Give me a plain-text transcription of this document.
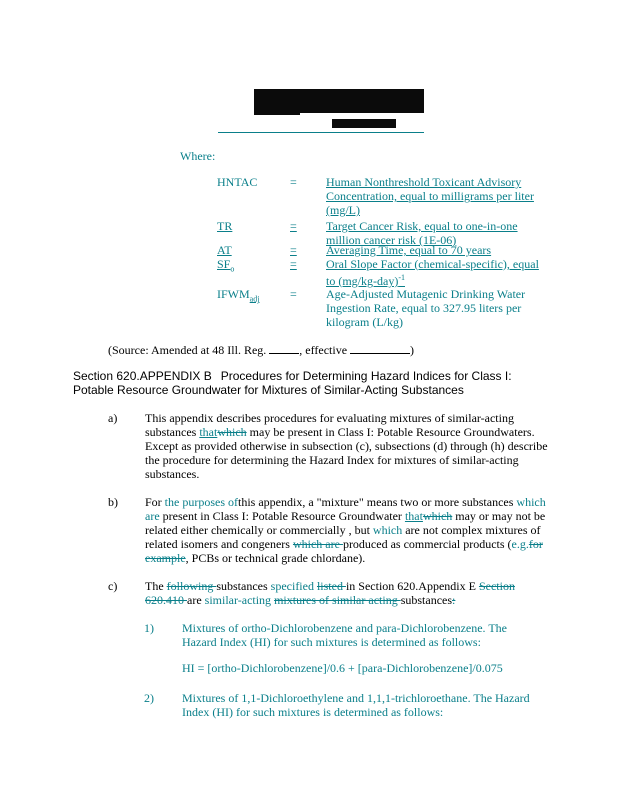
Where:
HNTAC	= Human Nonthreshold Toxicant Advisory Concentration, equal to milligrams per liter (mg/L)
TR	= Target Cancer Risk, equal to one-in-one million cancer risk (1E-06)
AT	= Averaging Time, equal to 70 years
$SF_o$	= Oral Slope Factor (chemical-specific), equal to $(mg/kg-day)^{-1}$
$IFWM_{adj}$	= Age-Adjusted Mutagenic Drinking Water Ingestion Rate, equal to 327.95 liters per kilogram (L/kg)
(Source: Amended at 48 Ill. Reg.	, effective	)
Section 620.APPENDIX B Procedures for Determining Hazard Indices for Class I: Potable Resource Groundwater for Mixtures of Similar-Acting Substances
a) This appendix describes procedures for evaluating mixtures of similar-acting substances thatwhich may be present in Class I: Potable Resource Groundwaters. Except as provided otherwise in subsection (c), subsections (d) through (h) describe the procedure for determining the Hazard Index for mixtures of similar-acting substances.
b) For the purposes ofthis appendix, a "mixture" means two or more substances which are present in Class I: Potable Resource Groundwater thatwhich may or may not be related either chemically or commercially , but which are not complex mixtures of related isomers and congeners which are produced as commercial products (e.g.for example, PCBs or technical grade chlordane).
c) The following substances specified listed in Section 620.Appendix E Section 620.410 are similar-acting mixtures of similar acting substances:
1) Mixtures of ortho-Dichlorobenzene and para-Dichlorobenzene. The Hazard Index (HI) for such mixtures is determined as follows:
HI = [ortho-Dichlorobenzene]/0.6 + [para-Dichlorobenzene]/0.075
2) Mixtures of 1,1-Dichloroethylene and 1,1,1-trichloroethane. The Hazard Index (HI) for such mixtures is determined as follows:
